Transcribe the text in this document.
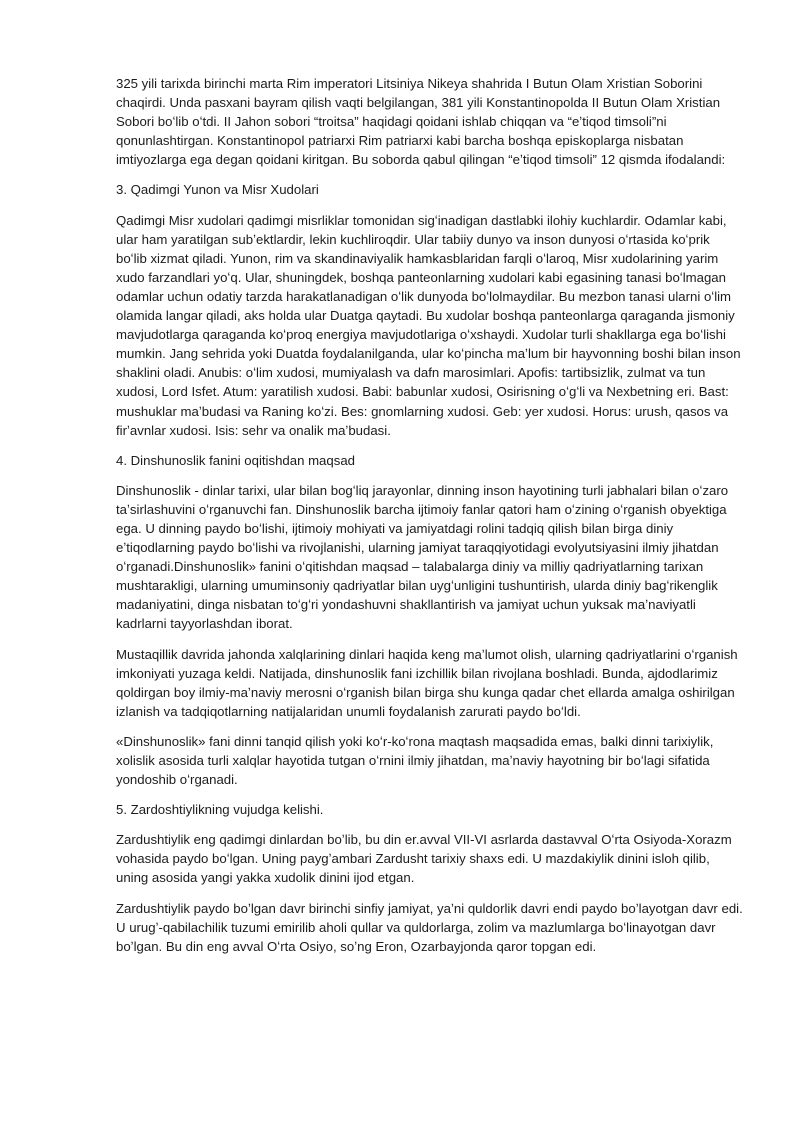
325 yili tarixda birinchi marta Rim imperatori Litsiniya Nikeya shahrida I Butun Olam Xristian Soborini chaqirdi. Unda pasxani bayram qilish vaqti belgilangan, 381 yili Konstantinopolda II Butun Olam Xristian Sobori boʻlib oʻtdi. II Jahon sobori “troitsa” haqidagi qoidani ishlab chiqqan va “eʼtiqod timsoli”ni qonunlashtirgan. Konstantinopol patriarxi Rim patriarxi kabi barcha boshqa episkoplarga nisbatan imtiyozlarga ega degan qoidani kiritgan. Bu soborda qabul qilingan “eʼtiqod timsoli” 12 qismda ifodalandi:

3. Qadimgi Yunon va Misr Xudolari

Qadimgi Misr xudolari qadimgi misrliklar tomonidan sigʻinadigan dastlabki ilohiy kuchlardir. Odamlar kabi, ular ham yaratilgan subʼektlardir, lekin kuchliroqdir. Ular tabiiy dunyo va inson dunyosi oʻrtasida koʻprik boʻlib xizmat qiladi. Yunon, rim va skandinaviyalik hamkasblaridan farqli oʻlaroq, Misr xudolarining yarim xudo farzandlari yoʻq. Ular, shuningdek, boshqa panteonlarning xudolari kabi egasining tanasi boʻlmagan odamlar uchun odatiy tarzda harakatlanadigan oʻlik dunyoda boʻlolmaydilar. Bu mezbon tanasi ularni oʻlim olamida langar qiladi, aks holda ular Duatga qaytadi. Bu xudolar boshqa panteonlarga qaraganda jismoniy mavjudotlarga qaraganda koʻproq energiya mavjudotlariga oʻxshaydi. Xudolar turli shakllarga ega boʻlishi mumkin. Jang sehrida yoki Duatda foydalanilganda, ular koʻpincha maʼlum bir hayvonning boshi bilan inson shaklini oladi. Anubis: oʻlim xudosi, mumiyalash va dafn marosimlari. Apofis: tartibsizlik, zulmat va tun xudosi, Lord Isfet. Atum: yaratilish xudosi. Babi: babunlar xudosi, Osirisning oʻgʻli va Nexbetning eri. Bast: mushuklar maʼbudasi va Raning koʻzi. Bes: gnomlarning xudosi. Geb: yer xudosi. Horus: urush, qasos va firʼavnlar xudosi. Isis: sehr va onalik maʼbudasi.

4. Dinshunoslik fanini oqitishdan maqsad

Dinshunoslik - dinlar tarixi, ular bilan bogʻliq jarayonlar, dinning inson hayotining turli jabhalari bilan oʻzaro taʼsirlashuvini oʻrganuvchi fan. Dinshunoslik barcha ijtimoiy fanlar qatori ham oʻzining oʻrganish obyektiga ega. U dinning paydo boʻlishi, ijtimoiy mohiyati va jamiyatdagi rolini tadqiq qilish bilan birga diniy eʼtiqodlarning paydo boʻlishi va rivojlanishi, ularning jamiyat taraqqiyotidagi evolyutsiyasini ilmiy jihatdan oʻrganadi.Dinshunoslik» fanini oʻqitishdan maqsad – talabalarga diniy va milliy qadriyatlarning tarixan mushtarakligi, ularning umuminsoniy qadriyatlar bilan uygʻunligini tushuntirish, ularda diniy bagʻrikenglik madaniyatini, dinga nisbatan toʻgʻri yondashuvni shakllantirish va jamiyat uchun yuksak maʼnaviyatli kadrlarni tayyorlashdan iborat.

Mustaqillik davrida jahonda xalqlarining dinlari haqida keng maʼlumot olish, ularning qadriyatlarini oʻrganish imkoniyati yuzaga keldi. Natijada, dinshunoslik fani izchillik bilan rivojlana boshladi. Bunda, ajdodlarimiz qoldirgan boy ilmiy-maʼnaviy merosni oʻrganish bilan birga shu kunga qadar chet ellarda amalga oshirilgan izlanish va tadqiqotlarning natijalaridan unumli foydalanish zarurati paydo boʻldi.

«Dinshunoslik» fani dinni tanqid qilish yoki koʻr-koʻrona maqtash maqsadida emas, balki dinni tarixiylik, xolislik asosida turli xalqlar hayotida tutgan oʻrnini ilmiy jihatdan, maʼnaviy hayotning bir boʻlagi sifatida yondoshib oʻrganadi.

5. Zardoshtiylikning vujudga kelishi.

Zardushtiylik eng qadimgi dinlardan boʼlib, bu din er.avval VII-VI asrlarda dastavval Oʻrta Osiyoda-Xorazm vohasida paydo boʻlgan. Uning paygʼambari Zardusht tarixiy shaxs edi. U mazdakiylik dinini isloh qilib, uning asosida yangi yakka xudolik dinini ijod etgan.

Zardushtiylik paydo boʼlgan davr birinchi sinfiy jamiyat, yaʼni quldorlik davri endi paydo boʼlayotgan davr edi. U urugʼ-qabilachilik tuzumi emirilib aholi qullar va quldorlarga, zolim va mazlumlarga boʻlinayotgan davr boʼlgan. Bu din eng avval Oʻrta Osiyo, soʼng Eron, Ozarbayjonda qaror topgan edi.
